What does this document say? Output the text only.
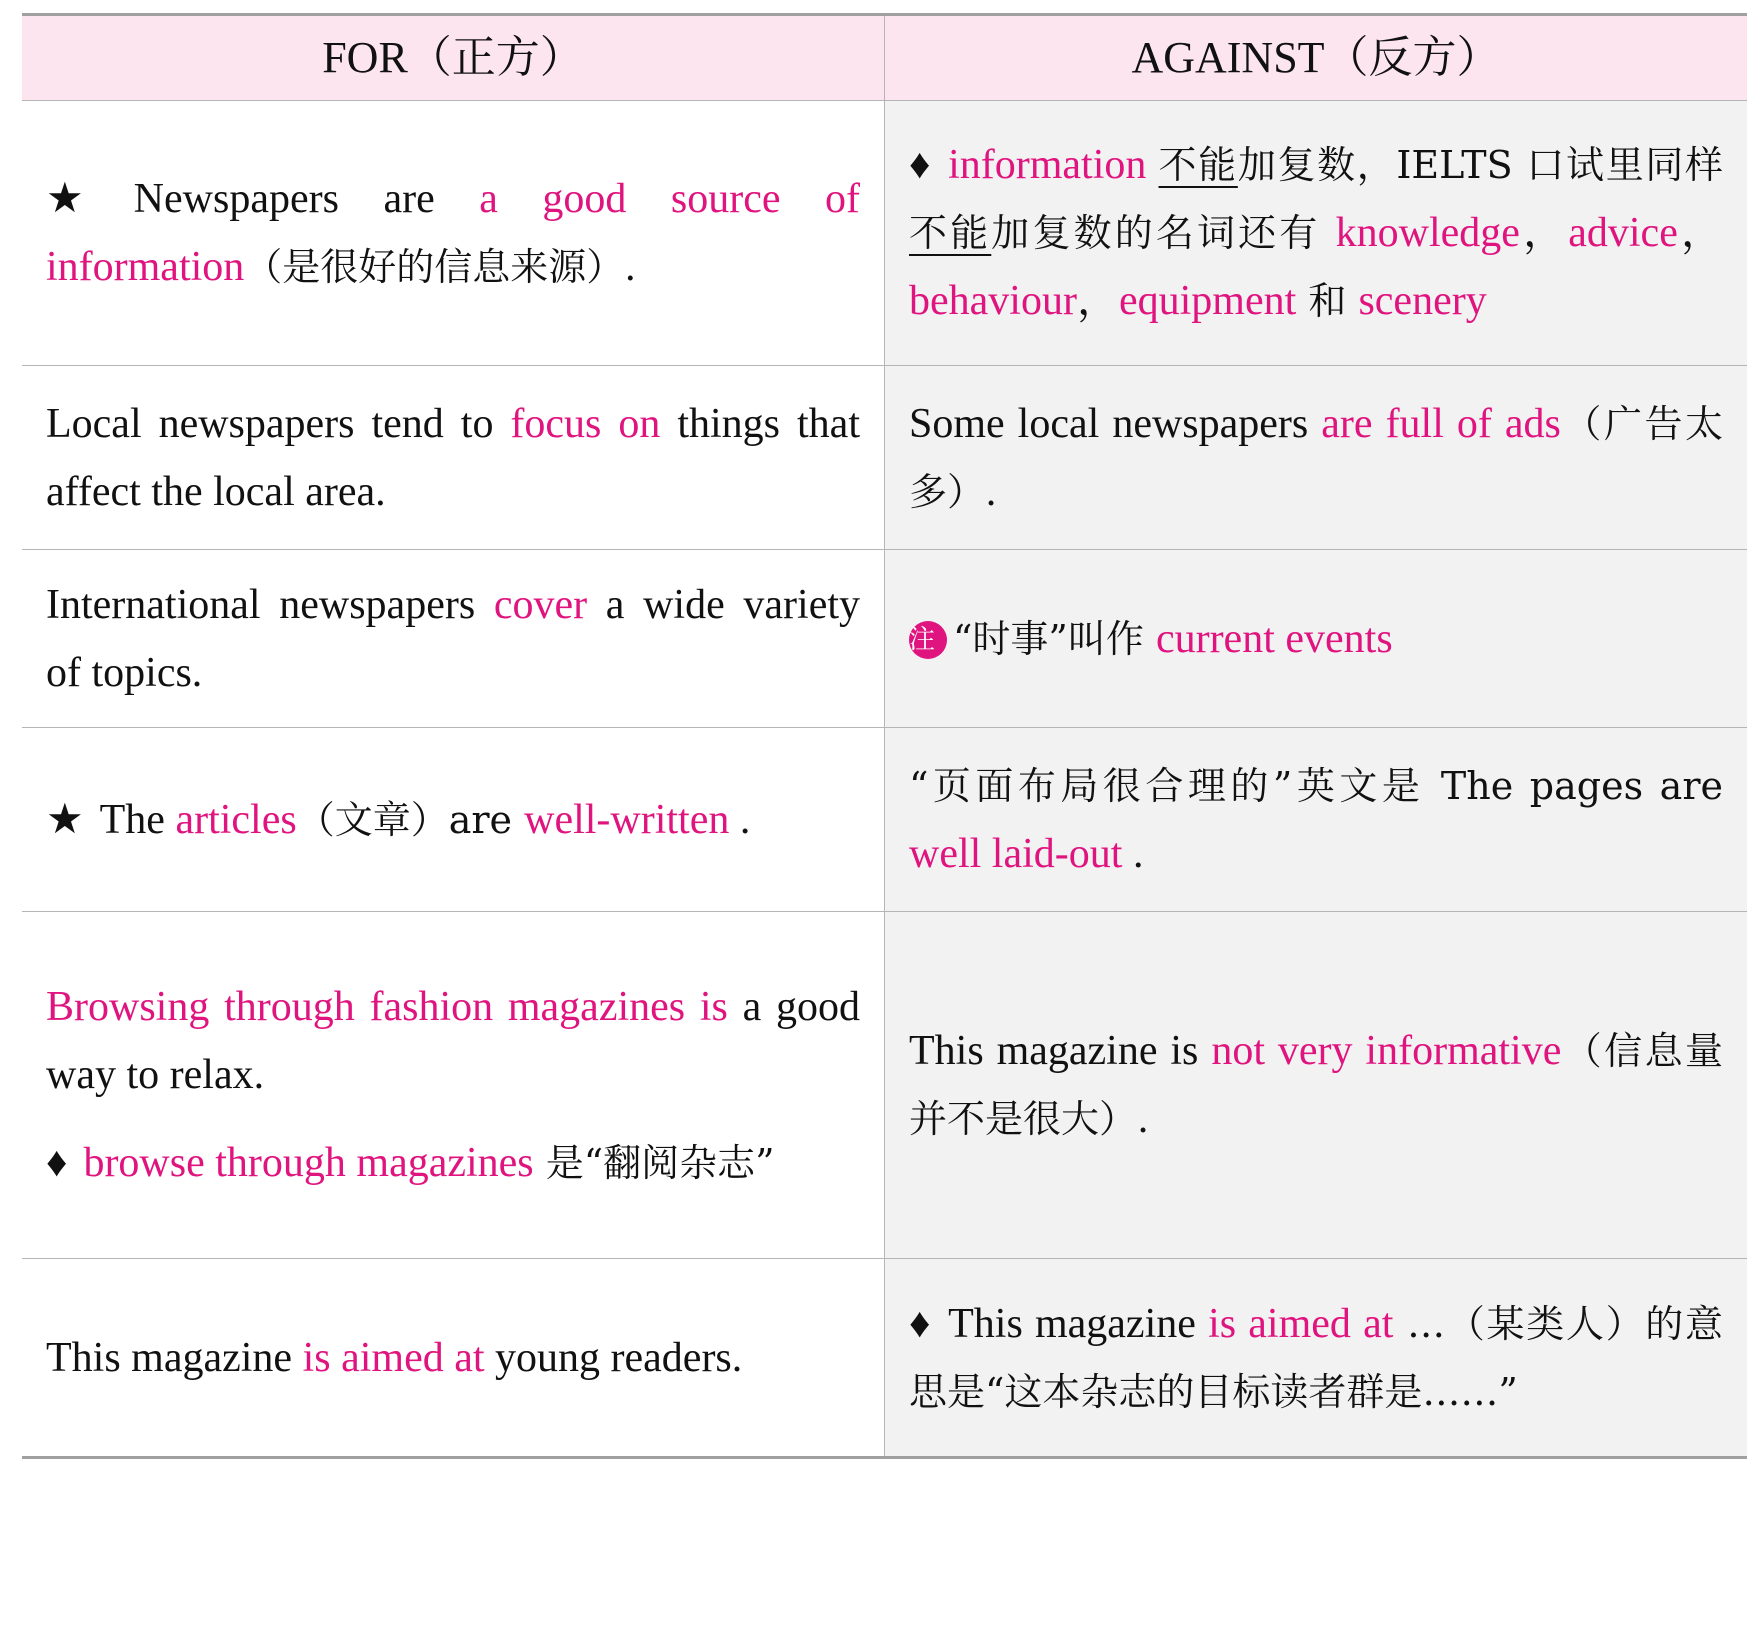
FOR（正方）	AGAINST（反方）
★ Newspapers are a good source of information（是很好的信息来源）.
♦ information 不能加复数，IELTS 口试里同样不能加复数的名词还有 knowledge，advice，behaviour，equipment 和 scenery
Local newspapers tend to focus on things that affect the local area.
Some local newspapers are full of ads（广告太多）.
International newspapers cover a wide variety of topics.
注 “时事”叫作 current events
★ The articles（文章）are well-written .
“页面布局很合理的”英文是 The pages are well laid-out .

Browsing through fashion magazines is a good way to relax.

♦ browse through magazines 是“翻阅杂志”

This magazine is not very informative（信息量并不是很大）.
This magazine is aimed at young readers.
♦ This magazine is aimed at …（某类人）的意思是“这本杂志的目标读者群是……”
